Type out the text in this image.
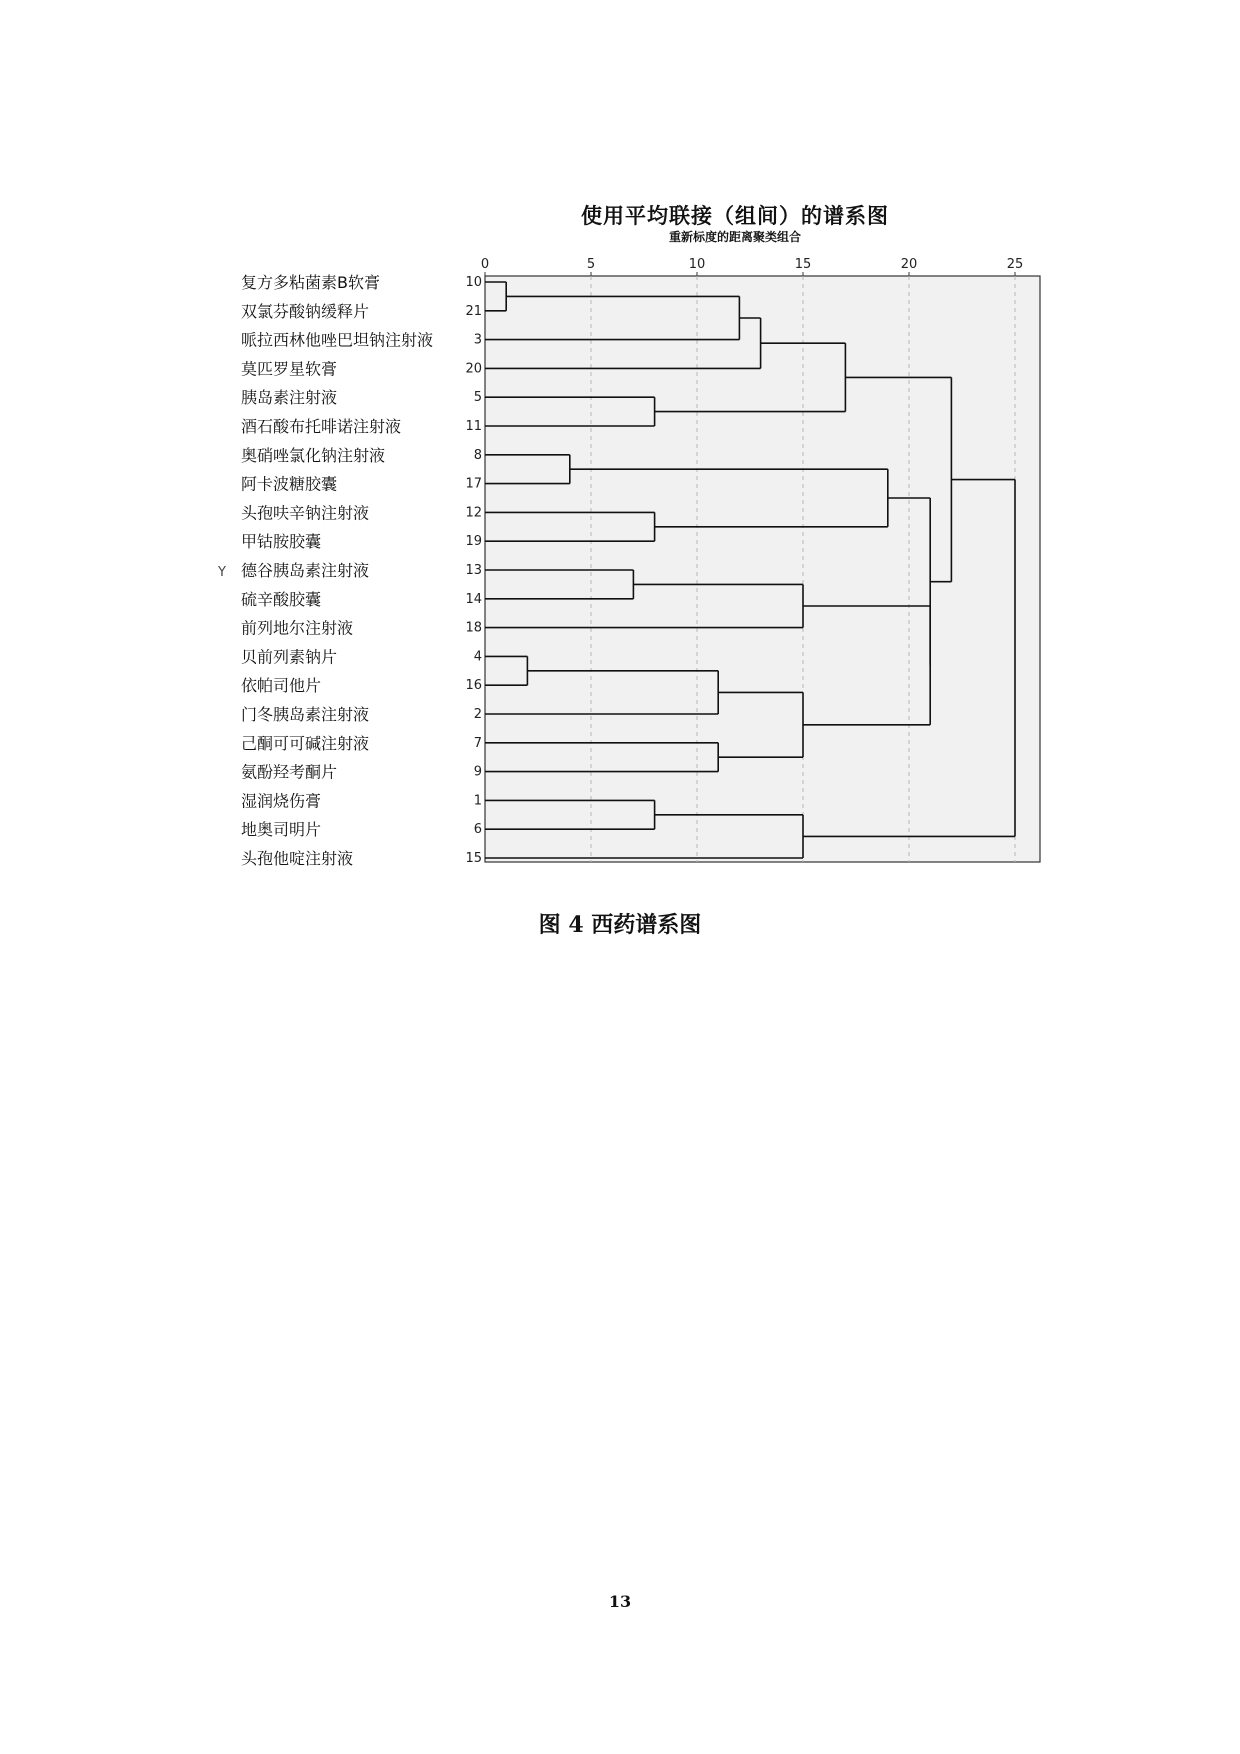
使用平均联接（组间）的谱系图
重新标度的距离聚类组合
0	5	10	15	20	25
复方多粘菌素B软膏	10
双氯芬酸钠缓释片	21
哌拉西林他唑巴坦钠注射液	3
莫匹罗星软膏	20
胰岛素注射液	5
酒石酸布托啡诺注射液	11
奥硝唑氯化钠注射液	8
阿卡波糖胶囊	17
头孢呋辛钠注射液	12
甲钴胺胶囊	19
德谷胰岛素注射液	13
硫辛酸胶囊	14
前列地尔注射液	18
贝前列素钠片	4
依帕司他片	16
门冬胰岛素注射液	2
己酮可可碱注射液	7
氨酚羟考酮片	9
湿润烧伤膏	1
地奥司明片	6
头孢他啶注射液	15
Y
图 4 西药谱系图
13
